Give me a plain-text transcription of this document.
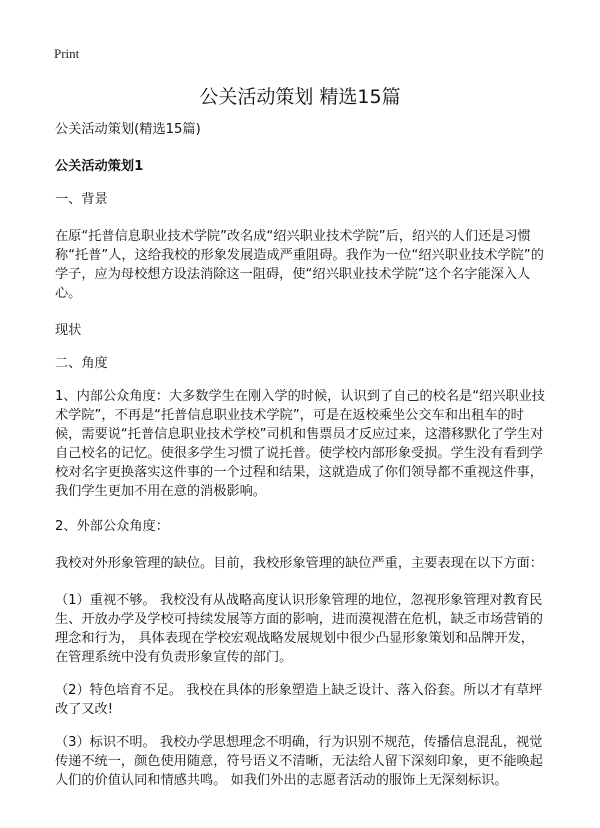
Print
公关活动策划 精选15篇

公关活动策划(精选15篇)

公关活动策划1

一、背景

在原“托普信息职业技术学院”改名成“绍兴职业技术学院”后，绍兴的人们还是习惯称“托普”人，这给我校的形象发展造成严重阻碍。我作为一位“绍兴职业技术学院”的学子，应为母校想方设法消除这一阻碍，使“绍兴职业技术学院”这个名字能深入人心。

现状

二、角度

1、内部公众角度：大多数学生在刚入学的时候，认识到了自己的校名是“绍兴职业技术学院”，不再是“托普信息职业技术学院”，可是在返校乘坐公交车和出租车的时候，需要说“托普信息职业技术学校”司机和售票员才反应过来，这潜移默化了学生对自己校名的记忆。使很多学生习惯了说托普。使学校内部形象受损。学生没有看到学校对名字更换落实这件事的一个过程和结果，这就造成了你们领导都不重视这件事，我们学生更加不用在意的消极影响。

2、外部公众角度：

我校对外形象管理的缺位。目前，我校形象管理的缺位严重，主要表现在以下方面：

（1）重视不够。 我校没有从战略高度认识形象管理的地位，忽视形象管理对教育民生、开放办学及学校可持续发展等方面的影响，进而漠视潜在危机，缺乏市场营销的理念和行为， 具体表现在学校宏观战略发展规划中很少凸显形象策划和品牌开发， 在管理系统中没有负责形象宣传的部门。

（2）特色培育不足。 我校在具体的形象塑造上缺乏设计、落入俗套。所以才有草坪改了又改!

（3）标识不明。 我校办学思想理念不明确，行为识别不规范，传播信息混乱，视觉传递不统一，颜色使用随意，符号语义不清晰，无法给人留下深刻印象，更不能唤起人们的价值认同和情感共鸣。 如我们外出的志愿者活动的服饰上无深刻标识。
